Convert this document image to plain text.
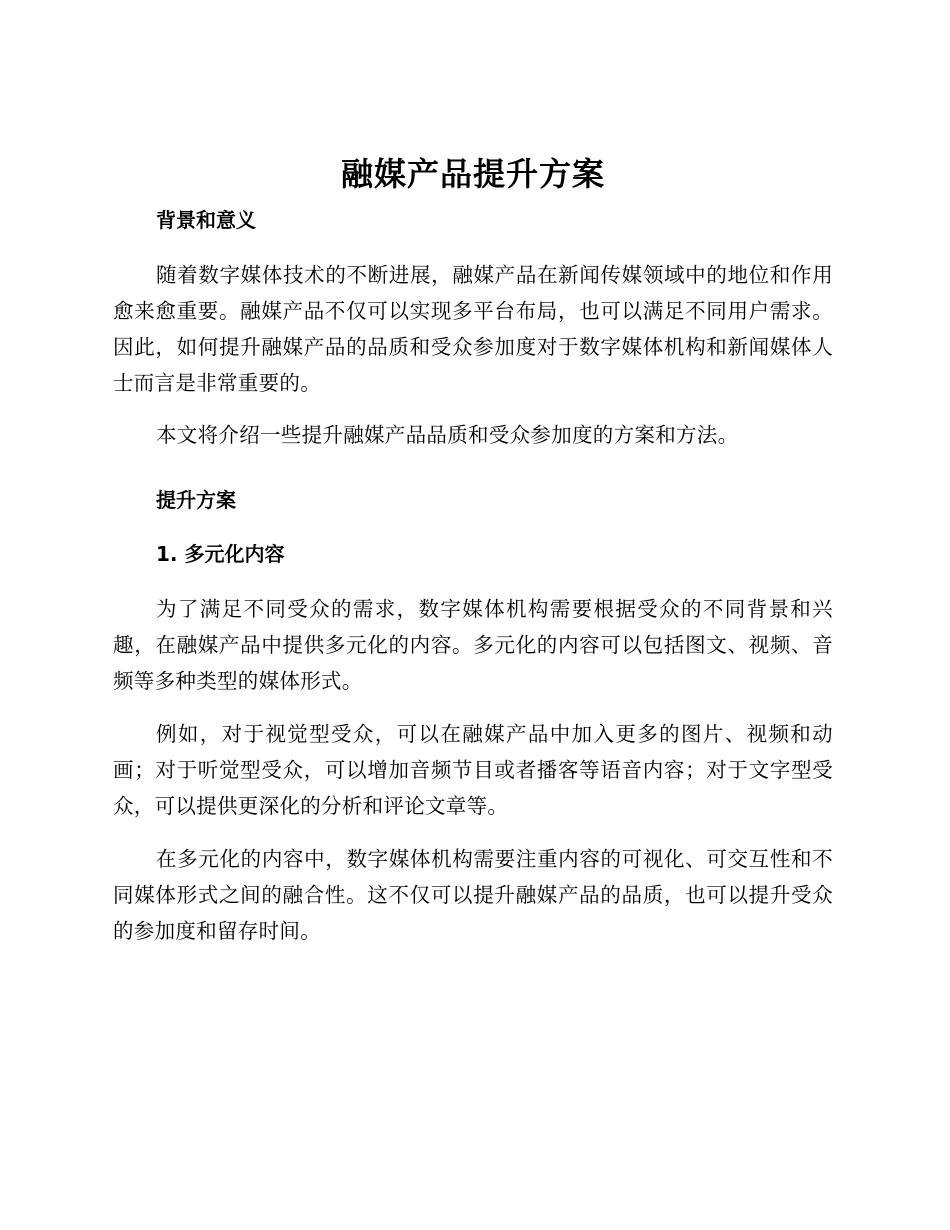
融媒产品提升方案
背景和意义

随着数字媒体技术的不断进展，融媒产品在新闻传媒领域中的地位和作用愈来愈重要。融媒产品不仅可以实现多平台布局，也可以满足不同用户需求。因此，如何提升融媒产品的品质和受众参加度对于数字媒体机构和新闻媒体人士而言是非常重要的。

本文将介绍一些提升融媒产品品质和受众参加度的方案和方法。

提升方案
1. 多元化内容

为了满足不同受众的需求，数字媒体机构需要根据受众的不同背景和兴趣，在融媒产品中提供多元化的内容。多元化的内容可以包括图文、视频、音频等多种类型的媒体形式。

例如，对于视觉型受众，可以在融媒产品中加入更多的图片、视频和动画；对于听觉型受众，可以增加音频节目或者播客等语音内容；对于文字型受众，可以提供更深化的分析和评论文章等。

在多元化的内容中，数字媒体机构需要注重内容的可视化、可交互性和不同媒体形式之间的融合性。这不仅可以提升融媒产品的品质，也可以提升受众的参加度和留存时间。
